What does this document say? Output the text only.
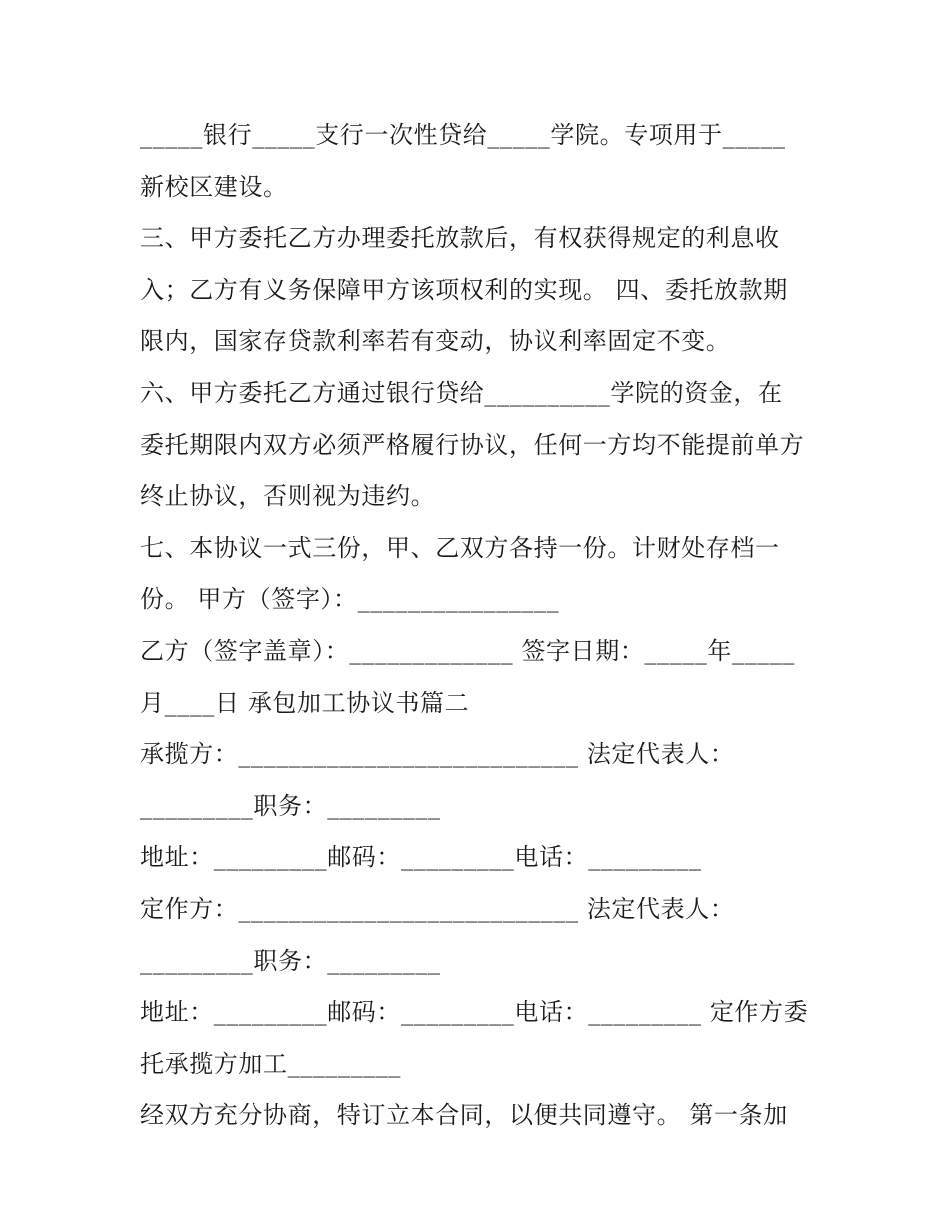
_____银行_____支行一次性贷给_____学院。专项用于_____
新校区建设。
三、甲方委托乙方办理委托放款后，有权获得规定的利息收
入；乙方有义务保障甲方该项权利的实现。 四、委托放款期
限内，国家存贷款利率若有变动，协议利率固定不变。
六、甲方委托乙方通过银行贷给__________学院的资金，在
委托期限内双方必须严格履行协议，任何一方均不能提前单方
终止协议，否则视为违约。
七、本协议一式三份，甲、乙双方各持一份。计财处存档一
份。 甲方（签字）：________________
乙方（签字盖章）：_____________ 签字日期：_____年_____
月____日 承包加工协议书篇二
承揽方：___________________________ 法定代表人：
_________职务：_________
地址：_________邮码：_________电话：_________
定作方：___________________________ 法定代表人：
_________职务：_________
地址：_________邮码：_________电话：_________ 定作方委
托承揽方加工_________
经双方充分协商，特订立本合同，以便共同遵守。 第一条加
